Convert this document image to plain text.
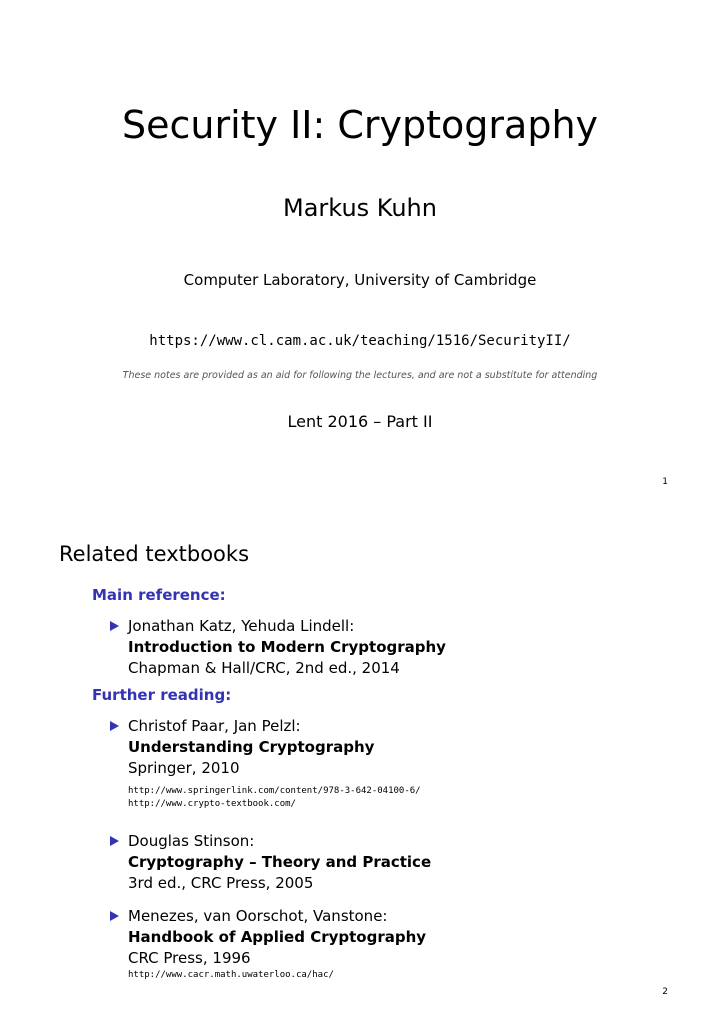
Security II: Cryptography
Markus Kuhn
Computer Laboratory, University of Cambridge
https://www.cl.cam.ac.uk/teaching/1516/SecurityII/
These notes are provided as an aid for following the lectures, and are not a substitute for attending
Lent 2016 – Part II
1
Related textbooks
Main reference:
Jonathan Katz, Yehuda Lindell:
Introduction to Modern Cryptography
Chapman & Hall/CRC, 2nd ed., 2014
Further reading:
Christof Paar, Jan Pelzl:
Understanding Cryptography
Springer, 2010
http://www.springerlink.com/content/978-3-642-04100-6/
http://www.crypto-textbook.com/
Douglas Stinson:
Cryptography – Theory and Practice
3rd ed., CRC Press, 2005
Menezes, van Oorschot, Vanstone:
Handbook of Applied Cryptography
CRC Press, 1996
http://www.cacr.math.uwaterloo.ca/hac/
2
